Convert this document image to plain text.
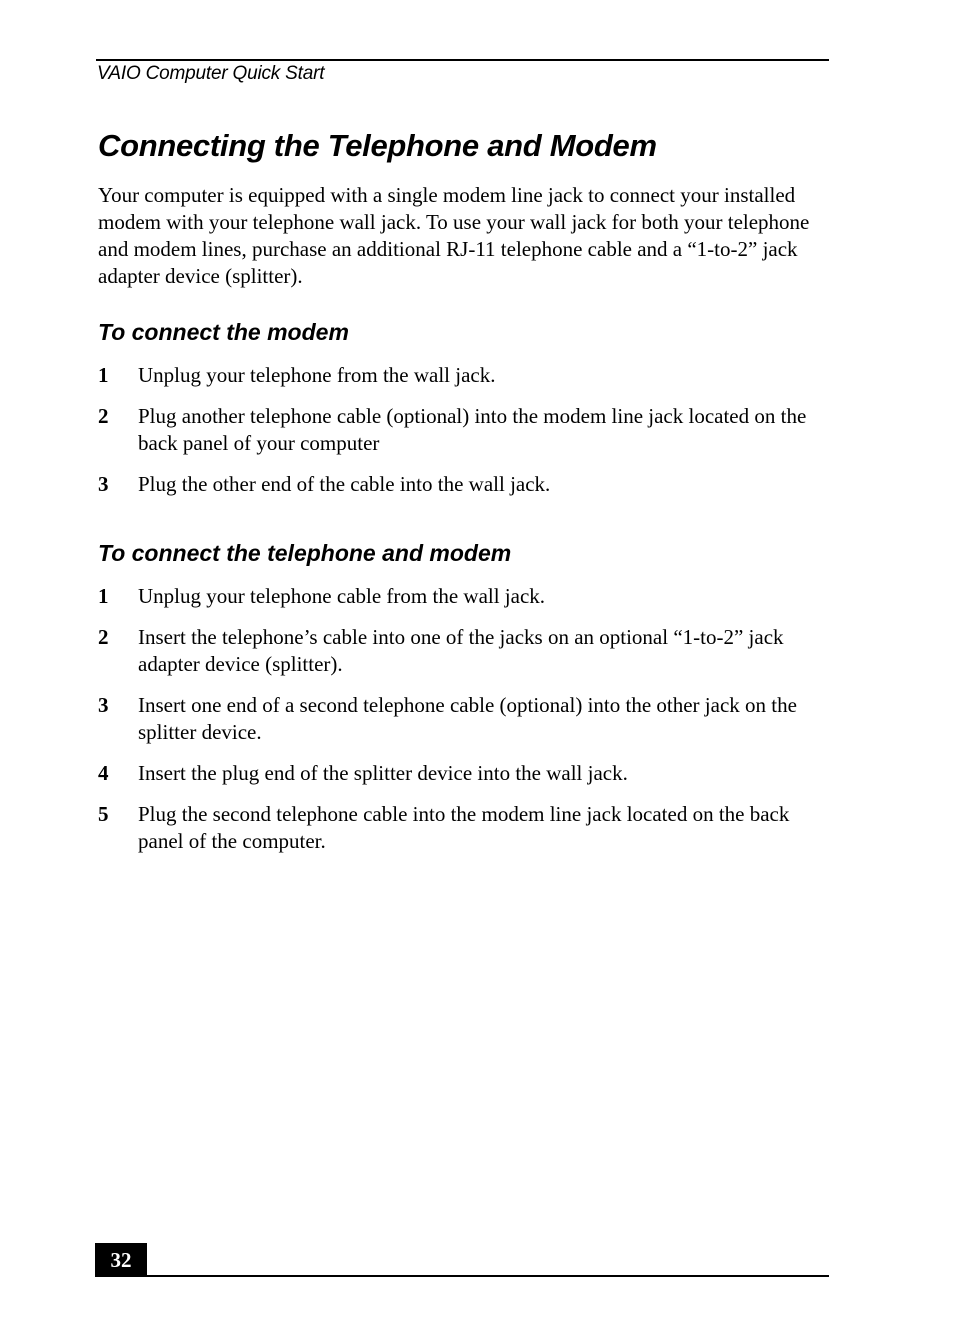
VAIO Computer Quick Start
Connecting the Telephone and Modem

Your computer is equipped with a single modem line jack to connect your installed modem with your telephone wall jack. To use your wall jack for both your telephone and modem lines, purchase an additional RJ-11 telephone cable and a “1-to-2” jack adapter device (splitter).

To connect the modem
1 Unplug your telephone from the wall jack.
2 Plug another telephone cable (optional) into the modem line jack located on the back panel of your computer
3 Plug the other end of the cable into the wall jack.
To connect the telephone and modem
1 Unplug your telephone cable from the wall jack.
2 Insert the telephone’s cable into one of the jacks on an optional “1-to-2” jack adapter device (splitter).
3 Insert one end of a second telephone cable (optional) into the other jack on the splitter device.
4 Insert the plug end of the splitter device into the wall jack.
5 Plug the second telephone cable into the modem line jack located on the back panel of the computer.
32
